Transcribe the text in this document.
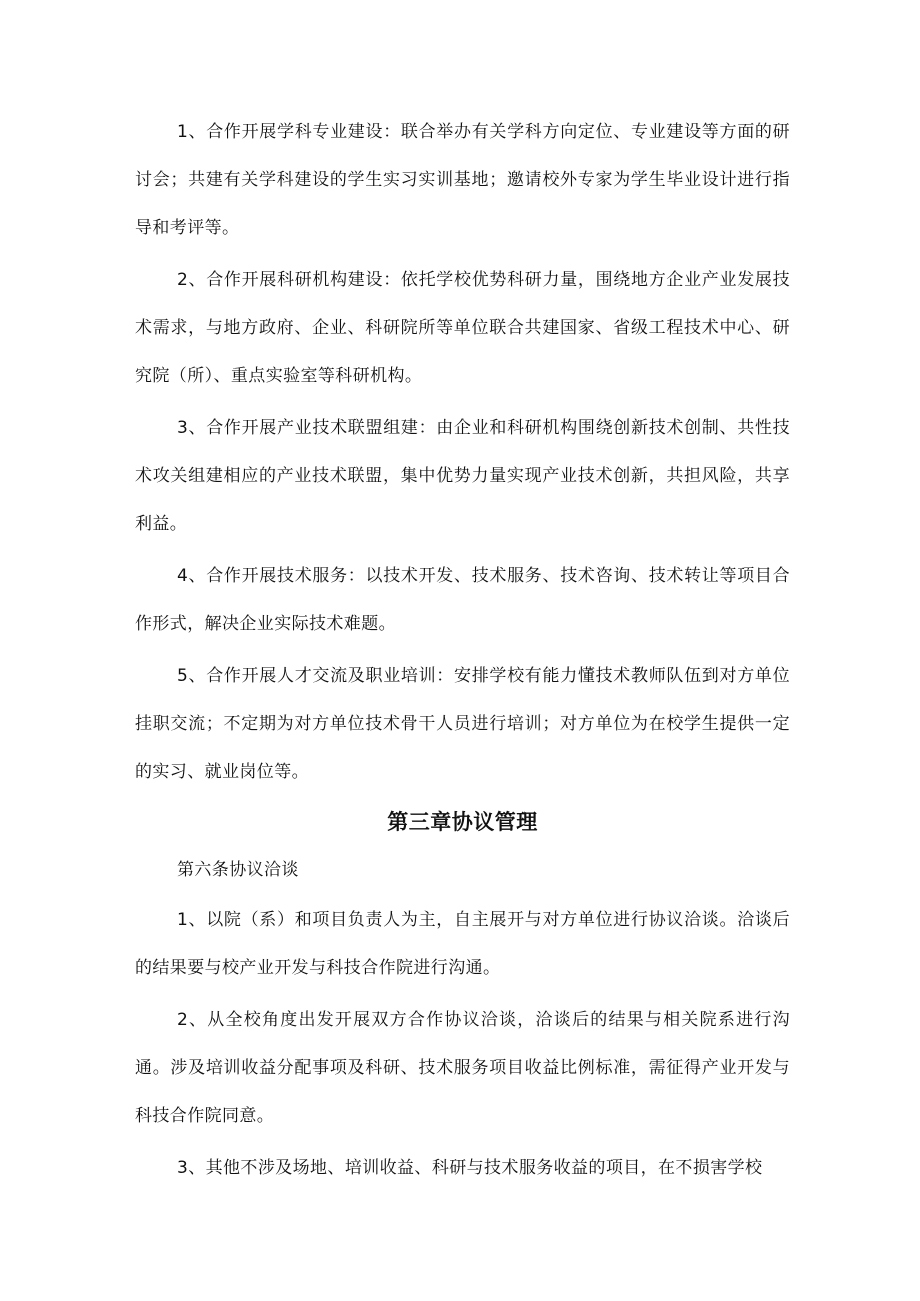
1、合作开展学科专业建设：联合举办有关学科方向定位、专业建设等方面的研讨会；共建有关学科建设的学生实习实训基地；邀请校外专家为学生毕业设计进行指导和考评等。

2、合作开展科研机构建设：依托学校优势科研力量，围绕地方企业产业发展技术需求，与地方政府、企业、科研院所等单位联合共建国家、省级工程技术中心、研究院（所）、重点实验室等科研机构。

3、合作开展产业技术联盟组建：由企业和科研机构围绕创新技术创制、共性技术攻关组建相应的产业技术联盟，集中优势力量实现产业技术创新，共担风险，共享利益。

4、合作开展技术服务：以技术开发、技术服务、技术咨询、技术转让等项目合作形式，解决企业实际技术难题。

5、合作开展人才交流及职业培训：安排学校有能力懂技术教师队伍到对方单位挂职交流；不定期为对方单位技术骨干人员进行培训；对方单位为在校学生提供一定的实习、就业岗位等。

第三章协议管理

第六条协议洽谈

1、以院（系）和项目负责人为主，自主展开与对方单位进行协议洽谈。洽谈后的结果要与校产业开发与科技合作院进行沟通。

2、从全校角度出发开展双方合作协议洽谈，洽谈后的结果与相关院系进行沟通。涉及培训收益分配事项及科研、技术服务项目收益比例标准，需征得产业开发与科技合作院同意。

3、其他不涉及场地、培训收益、科研与技术服务收益的项目，在不损害学校
